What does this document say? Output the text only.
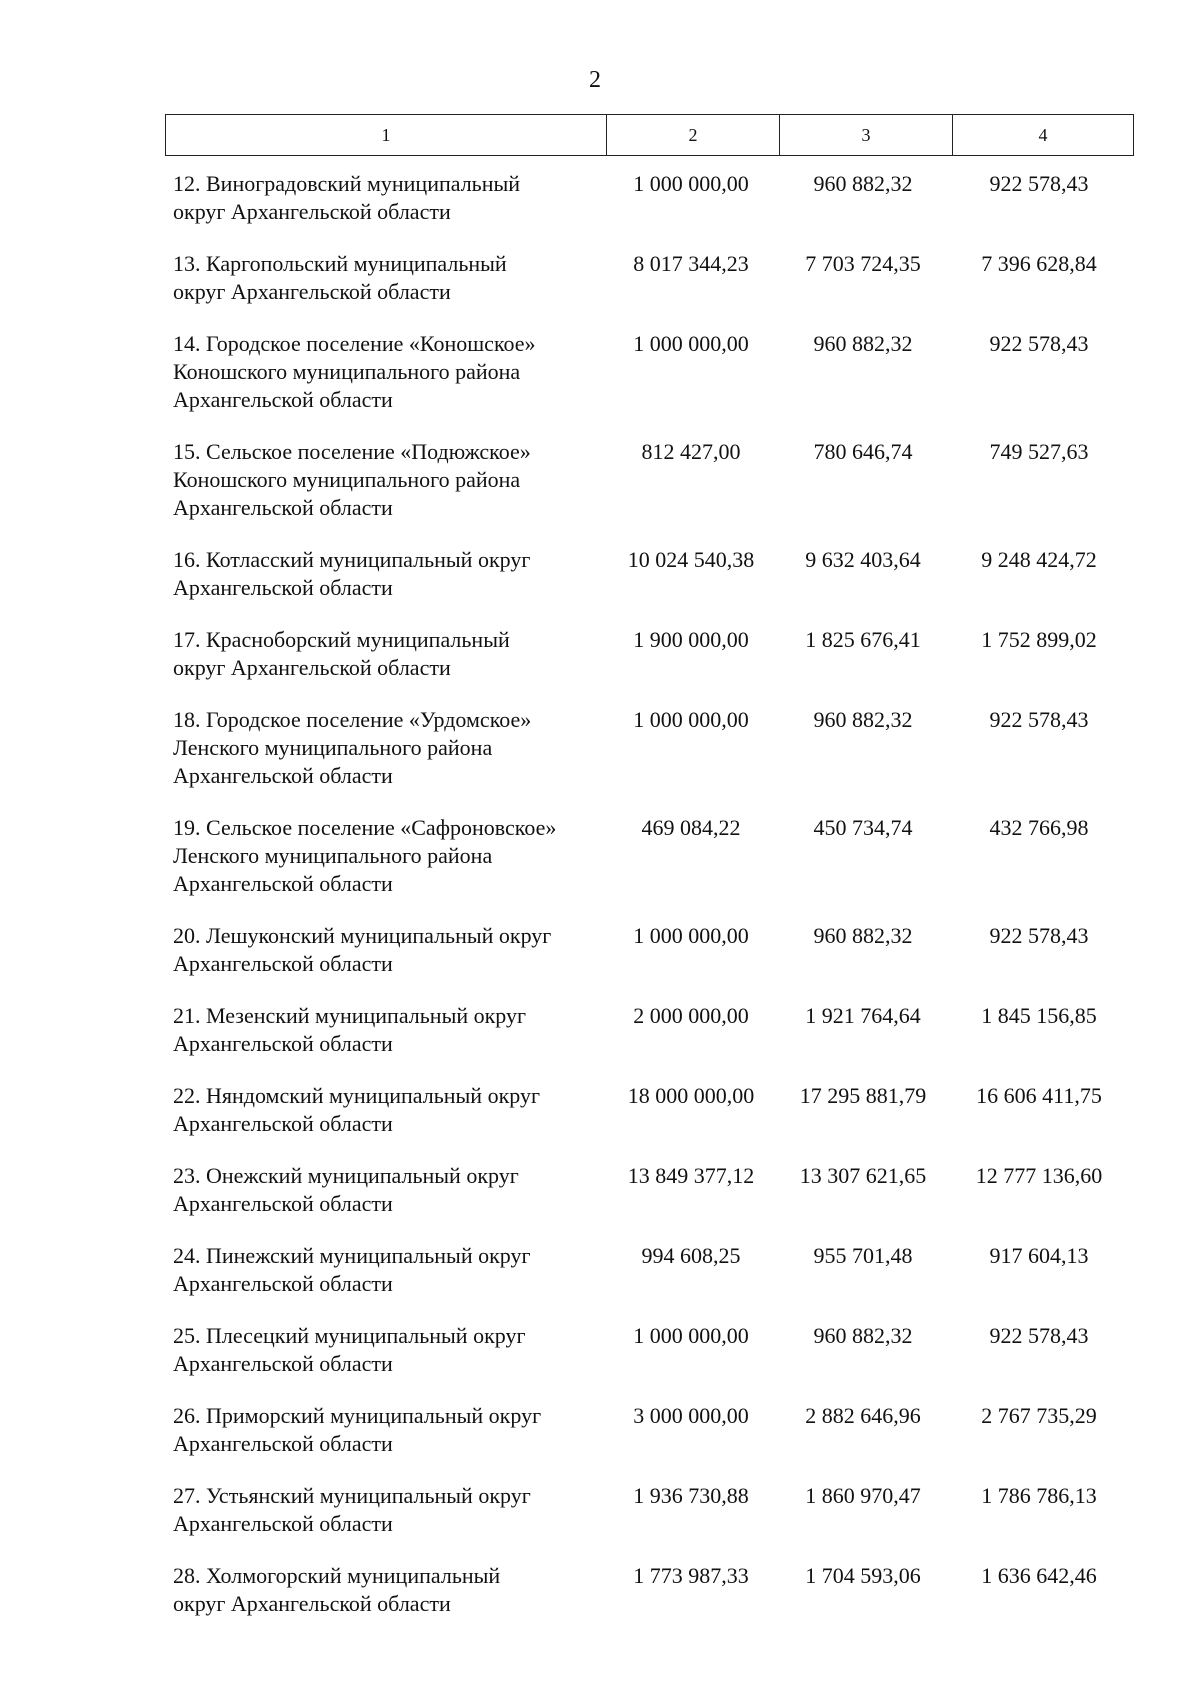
2
1	2	3	4
12. Виноградовский муниципальный
округ Архангельской области
1 000 000,00	960 882,32	922 578,43
13. Каргопольский муниципальный
округ Архангельской области
8 017 344,23	7 703 724,35	7 396 628,84
14. Городское поселение «Коношское»
Коношского муниципального района
Архангельской области
1 000 000,00	960 882,32	922 578,43
15. Сельское поселение «Подюжское»
Коношского муниципального района
Архангельской области
812 427,00	780 646,74	749 527,63
16. Котласский муниципальный округ
Архангельской области
10 024 540,38	9 632 403,64	9 248 424,72
17. Красноборский муниципальный
округ Архангельской области
1 900 000,00	1 825 676,41	1 752 899,02
18. Городское поселение «Урдомское»
Ленского муниципального района
Архангельской области
1 000 000,00	960 882,32	922 578,43
19. Сельское поселение «Сафроновское»
Ленского муниципального района
Архангельской области
469 084,22	450 734,74	432 766,98
20. Лешуконский муниципальный округ
Архангельской области
1 000 000,00	960 882,32	922 578,43
21. Мезенский муниципальный округ
Архангельской области
2 000 000,00	1 921 764,64	1 845 156,85
22. Няндомский муниципальный округ
Архангельской области
18 000 000,00	17 295 881,79	16 606 411,75
23. Онежский муниципальный округ
Архангельской области
13 849 377,12	13 307 621,65	12 777 136,60
24. Пинежский муниципальный округ
Архангельской области
994 608,25	955 701,48	917 604,13
25. Плесецкий муниципальный округ
Архангельской области
1 000 000,00	960 882,32	922 578,43
26. Приморский муниципальный округ
Архангельской области
3 000 000,00	2 882 646,96	2 767 735,29
27. Устьянский муниципальный округ
Архангельской области
1 936 730,88	1 860 970,47	1 786 786,13
28. Холмогорский муниципальный
округ Архангельской области
1 773 987,33	1 704 593,06	1 636 642,46
